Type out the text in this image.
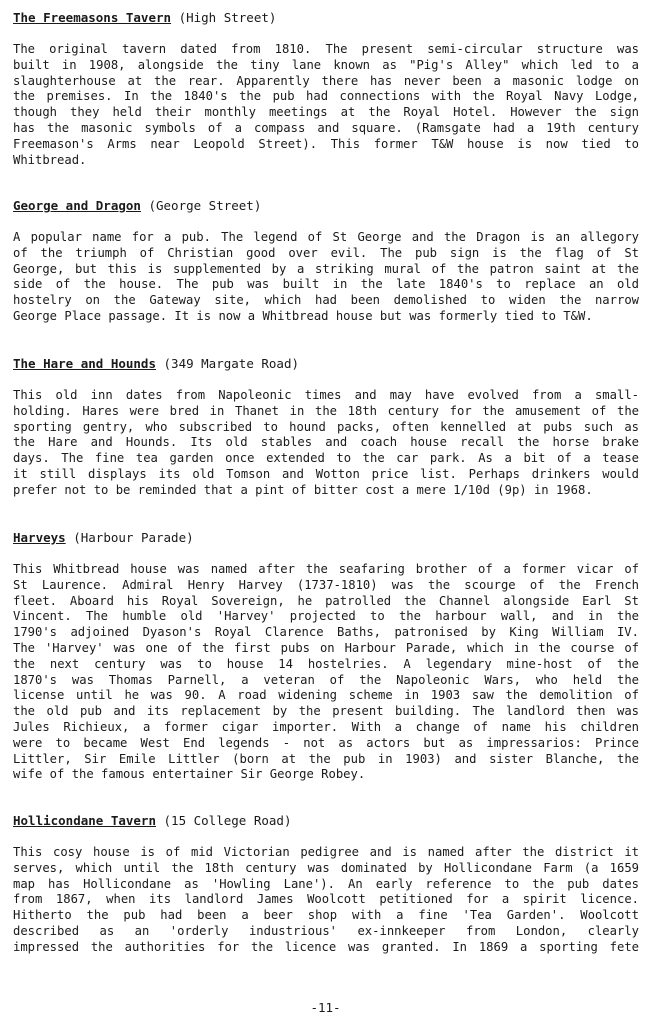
The Freemasons Tavern (High Street)
The original tavern dated from 1810. The present semi-circular structure was
built in 1908, alongside the tiny lane known as "Pig's Alley" which led to a
slaughterhouse at the rear. Apparently there has never been a masonic lodge on
the premises. In the 1840's the pub had connections with the Royal Navy Lodge,
though they held their monthly meetings at the Royal Hotel. However the sign
has the masonic symbols of a compass and square. (Ramsgate had a 19th century
Freemason's Arms near Leopold Street). This former T&W house is now tied to
Whitbread.
George and Dragon (George Street)
A popular name for a pub. The legend of St George and the Dragon is an allegory
of the triumph of Christian good over evil. The pub sign is the flag of St
George, but this is supplemented by a striking mural of the patron saint at the
side of the house. The pub was built in the late 1840's to replace an old
hostelry on the Gateway site, which had been demolished to widen the narrow
George Place passage. It is now a Whitbread house but was formerly tied to T&W.
The Hare and Hounds (349 Margate Road)
This old inn dates from Napoleonic times and may have evolved from a small-
holding. Hares were bred in Thanet in the 18th century for the amusement of the
sporting gentry, who subscribed to hound packs, often kennelled at pubs such as
the Hare and Hounds. Its old stables and coach house recall the horse brake
days. The fine tea garden once extended to the car park. As a bit of a tease
it still displays its old Tomson and Wotton price list. Perhaps drinkers would
prefer not to be reminded that a pint of bitter cost a mere 1/10d (9p) in 1968.
Harveys (Harbour Parade)
This Whitbread house was named after the seafaring brother of a former vicar of
St Laurence. Admiral Henry Harvey (1737-1810) was the scourge of the French
fleet. Aboard his Royal Sovereign, he patrolled the Channel alongside Earl St
Vincent. The humble old 'Harvey' projected to the harbour wall, and in the
1790's adjoined Dyason's Royal Clarence Baths, patronised by King William IV.
The 'Harvey' was one of the first pubs on Harbour Parade, which in the course of
the next century was to house 14 hostelries. A legendary mine-host of the
1870's was Thomas Parnell, a veteran of the Napoleonic Wars, who held the
license until he was 90. A road widening scheme in 1903 saw the demolition of
the old pub and its replacement by the present building. The landlord then was
Jules Richieux, a former cigar importer. With a change of name his children
were to became West End legends - not as actors but as impressarios: Prince
Littler, Sir Emile Littler (born at the pub in 1903) and sister Blanche, the
wife of the famous entertainer Sir George Robey.
Hollicondane Tavern (15 College Road)
This cosy house is of mid Victorian pedigree and is named after the district it
serves, which until the 18th century was dominated by Hollicondane Farm (a 1659
map has Hollicondane as 'Howling Lane'). An early reference to the pub dates
from 1867, when its landlord James Woolcott petitioned for a spirit licence.
Hitherto the pub had been a beer shop with a fine 'Tea Garden'. Woolcott
described as an 'orderly industrious' ex-innkeeper from London, clearly
impressed the authorities for the licence was granted. In 1869 a sporting fete
-11-
